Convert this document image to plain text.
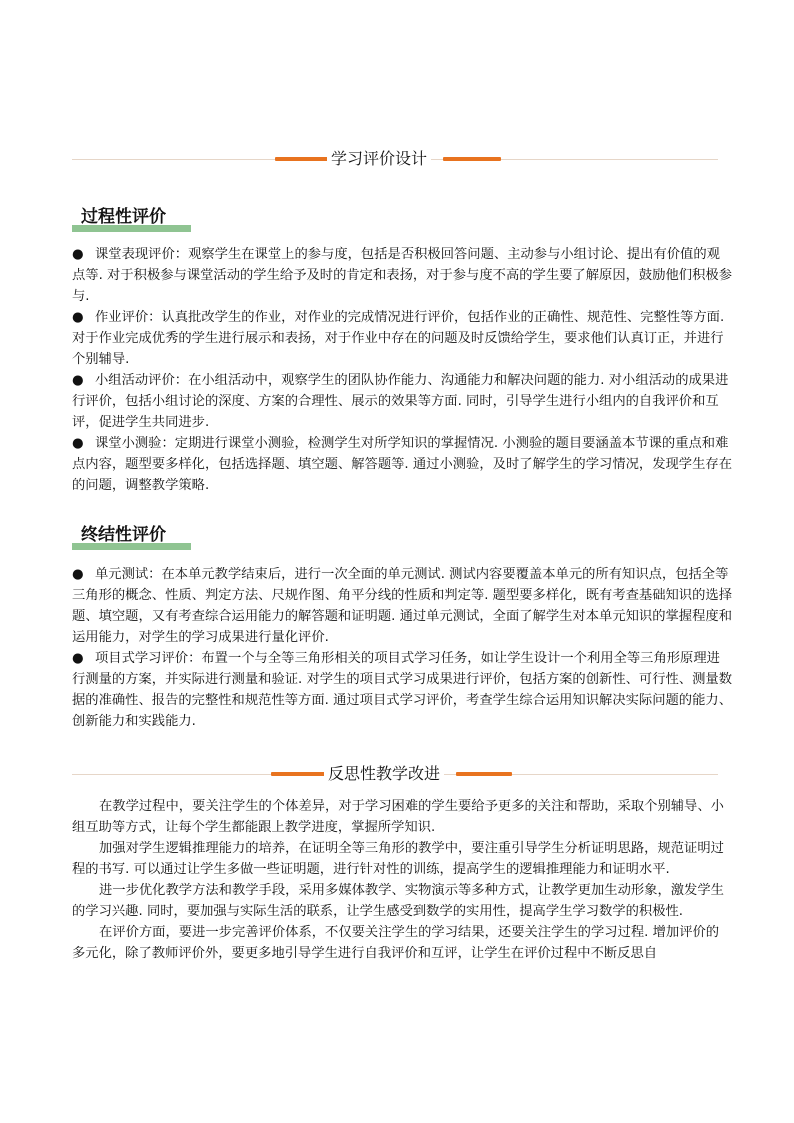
学习评价设计
过程性评价

● 课堂表现评价：观察学生在课堂上的参与度，包括是否积极回答问题、主动参与小组讨论、提出有价值的观点等. 对于积极参与课堂活动的学生给予及时的肯定和表扬，对于参与度不高的学生要了解原因，鼓励他们积极参与.

● 作业评价：认真批改学生的作业，对作业的完成情况进行评价，包括作业的正确性、规范性、完整性等方面. 对于作业完成优秀的学生进行展示和表扬，对于作业中存在的问题及时反馈给学生，要求他们认真订正，并进行个别辅导.

● 小组活动评价：在小组活动中，观察学生的团队协作能力、沟通能力和解决问题的能力. 对小组活动的成果进行评价，包括小组讨论的深度、方案的合理性、展示的效果等方面. 同时，引导学生进行小组内的自我评价和互评，促进学生共同进步.

● 课堂小测验：定期进行课堂小测验，检测学生对所学知识的掌握情况. 小测验的题目要涵盖本节课的重点和难点内容，题型要多样化，包括选择题、填空题、解答题等. 通过小测验，及时了解学生的学习情况，发现学生存在的问题，调整教学策略.

终结性评价

● 单元测试：在本单元教学结束后，进行一次全面的单元测试. 测试内容要覆盖本单元的所有知识点，包括全等三角形的概念、性质、判定方法、尺规作图、角平分线的性质和判定等. 题型要多样化，既有考查基础知识的选择题、填空题，又有考查综合运用能力的解答题和证明题. 通过单元测试，全面了解学生对本单元知识的掌握程度和运用能力，对学生的学习成果进行量化评价.

● 项目式学习评价：布置一个与全等三角形相关的项目式学习任务，如让学生设计一个利用全等三角形原理进行测量的方案，并实际进行测量和验证. 对学生的项目式学习成果进行评价，包括方案的创新性、可行性、测量数据的准确性、报告的完整性和规范性等方面. 通过项目式学习评价，考查学生综合运用知识解决实际问题的能力、创新能力和实践能力.

反思性教学改进

在教学过程中，要关注学生的个体差异，对于学习困难的学生要给予更多的关注和帮助，采取个别辅导、小组互助等方式，让每个学生都能跟上教学进度，掌握所学知识.

加强对学生逻辑推理能力的培养，在证明全等三角形的教学中，要注重引导学生分析证明思路，规范证明过程的书写. 可以通过让学生多做一些证明题，进行针对性的训练，提高学生的逻辑推理能力和证明水平.

进一步优化教学方法和教学手段，采用多媒体教学、实物演示等多种方式，让教学更加生动形象，激发学生的学习兴趣. 同时，要加强与实际生活的联系，让学生感受到数学的实用性，提高学生学习数学的积极性.

在评价方面，要进一步完善评价体系，不仅要关注学生的学习结果，还要关注学生的学习过程. 增加评价的多元化，除了教师评价外，要更多地引导学生进行自我评价和互评，让学生在评价过程中不断反思自
